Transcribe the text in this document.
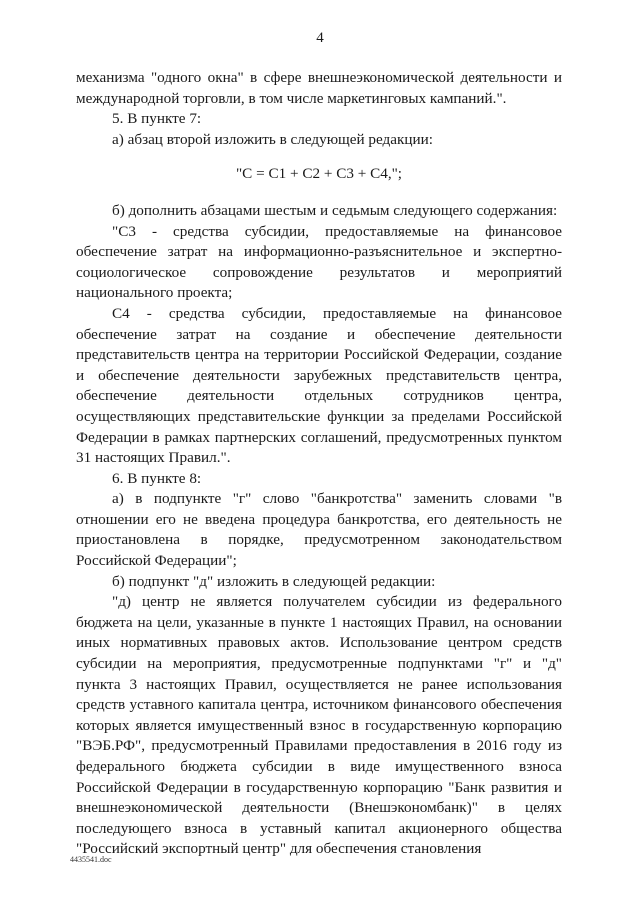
4

механизма "одного окна" в сфере внешнеэкономической деятельности и международной торговли, в том числе маркетинговых кампаний.".

5. В пункте 7:

а) абзац второй изложить в следующей редакции:

"С = С1 + С2 + С3 + С4,";

б) дополнить абзацами шестым и седьмым следующего содержания:

"С3 - средства субсидии, предоставляемые на финансовое обеспечение затрат на информационно-разъяснительное и экспертно-социологическое сопровождение результатов и мероприятий национального проекта;

С4 - средства субсидии, предоставляемые на финансовое обеспечение затрат на создание и обеспечение деятельности представительств центра на территории Российской Федерации, создание и обеспечение деятельности зарубежных представительств центра, обеспечение деятельности отдельных сотрудников центра, осуществляющих представительские функции за пределами Российской Федерации в рамках партнерских соглашений, предусмотренных пунктом 31 настоящих Правил.".

6. В пункте 8:

а) в подпункте "г" слово "банкротства" заменить словами "в отношении его не введена процедура банкротства, его деятельность не приостановлена в порядке, предусмотренном законодательством Российской Федерации";

б) подпункт "д" изложить в следующей редакции:

"д) центр не является получателем субсидии из федерального бюджета на цели, указанные в пункте 1 настоящих Правил, на основании иных нормативных правовых актов. Использование центром средств субсидии на мероприятия, предусмотренные подпунктами "г" и "д" пункта 3 настоящих Правил, осуществляется не ранее использования средств уставного капитала центра, источником финансового обеспечения которых является имущественный взнос в государственную корпорацию "ВЭБ.РФ", предусмотренный Правилами предоставления в 2016 году из федерального бюджета субсидии в виде имущественного взноса Российской Федерации в государственную корпорацию "Банк развития и внешнеэкономической деятельности (Внешэкономбанк)" в целях последующего взноса в уставный капитал акционерного общества "Российский экспортный центр" для обеспечения становления

4435541.doc
